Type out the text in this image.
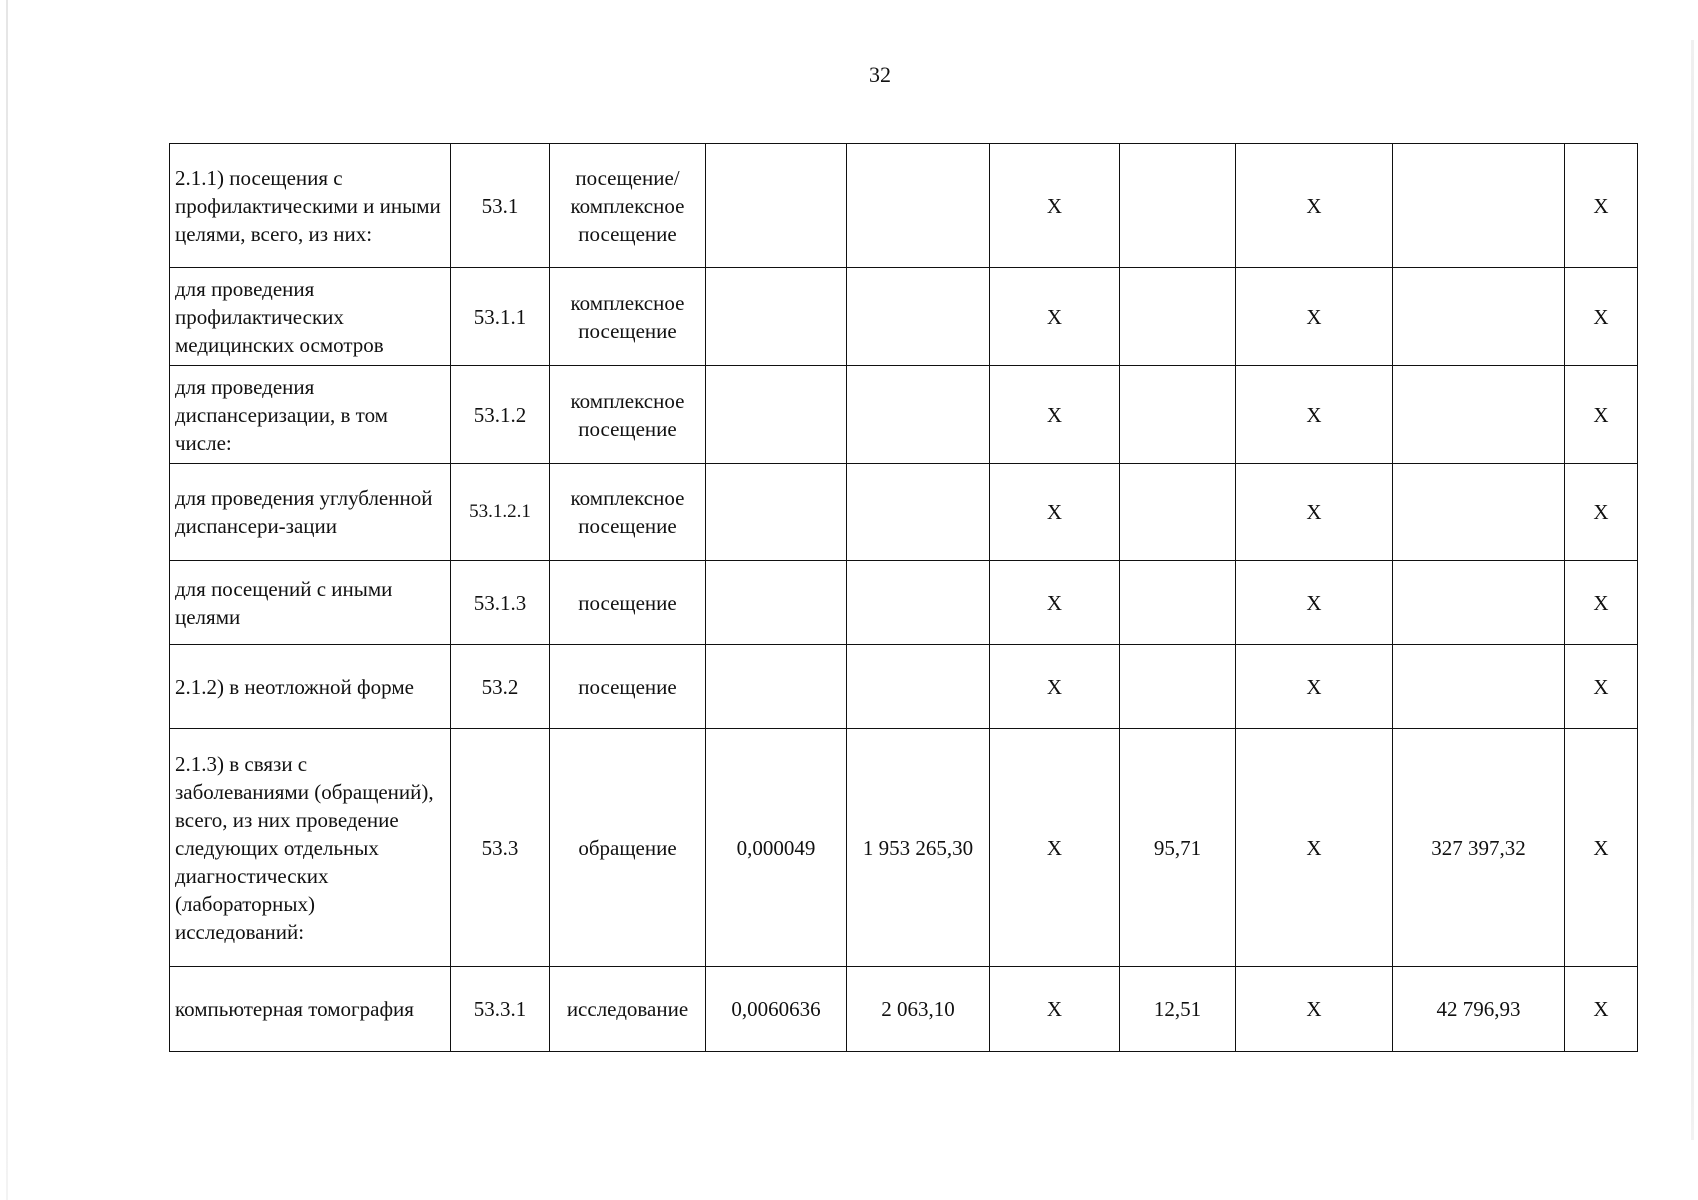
32
2.1.1) посещения с профилактическими и иными целями, всего, из них:	53.1	посещение/ комплексное посещение			X		X		X
для проведения профилактических медицинских осмотров	53.1.1	комплексное посещение			X		X		X
для проведения диспансеризации, в том числе:	53.1.2	комплексное посещение			X		X		X
для проведения углубленной диспансери-зации	53.1.2.1	комплексное посещение			X		X		X
для посещений с иными целями	53.1.3	посещение			X		X		X
2.1.2) в неотложной форме	53.2	посещение			X		X		X
2.1.3) в связи с заболеваниями (обращений), всего, из них проведение следующих отдельных диагностических (лабораторных) исследований:	53.3	обращение	0,000049	1 953 265,30	X	95,71	X	327 397,32	X
компьютерная томография	53.3.1	исследование	0,0060636	2 063,10	X	12,51	X	42 796,93	X
